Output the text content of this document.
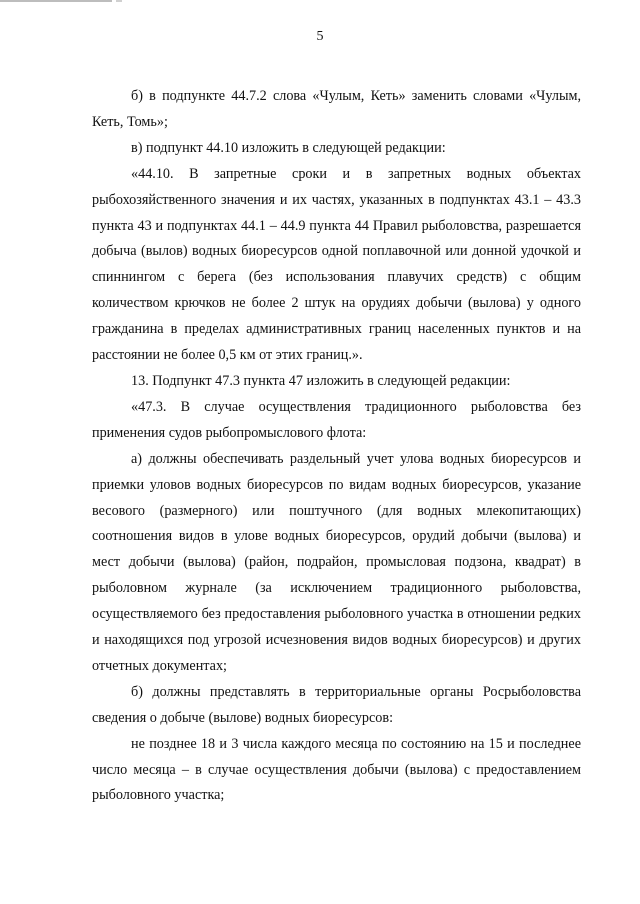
5

б) в подпункте 44.7.2 слова «Чулым, Кеть» заменить словами «Чулым, Кеть, Томь»;

в) подпункт 44.10 изложить в следующей редакции:

«44.10. В запретные сроки и в запретных водных объектах рыбохозяйственного значения и их частях, указанных в подпунктах 43.1 – 43.3 пункта 43 и подпунктах 44.1 – 44.9 пункта 44 Правил рыболовства, разрешается добыча (вылов) водных биоресурсов одной поплавочной или донной удочкой и спиннингом с берега (без использования плавучих средств) с общим количеством крючков не более 2 штук на орудиях добычи (вылова) у одного гражданина в пределах административных границ населенных пунктов и на расстоянии не более 0,5 км от этих границ.».

13. Подпункт 47.3 пункта 47 изложить в следующей редакции:

«47.3. В случае осуществления традиционного рыболовства без применения судов рыбопромыслового флота:

а) должны обеспечивать раздельный учет улова водных биоресурсов и приемки уловов водных биоресурсов по видам водных биоресурсов, указание весового (размерного) или поштучного (для водных млекопитающих) соотношения видов в улове водных биоресурсов, орудий добычи (вылова) и мест добычи (вылова) (район, подрайон, промысловая подзона, квадрат) в рыболовном журнале (за исключением традиционного рыболовства, осуществляемого без предоставления рыболовного участка в отношении редких и находящихся под угрозой исчезновения видов водных биоресурсов) и других отчетных документах;

б) должны представлять в территориальные органы Росрыболовства сведения о добыче (вылове) водных биоресурсов:

не позднее 18 и 3 числа каждого месяца по состоянию на 15 и последнее число месяца – в случае осуществления добычи (вылова) с предоставлением рыболовного участка;
